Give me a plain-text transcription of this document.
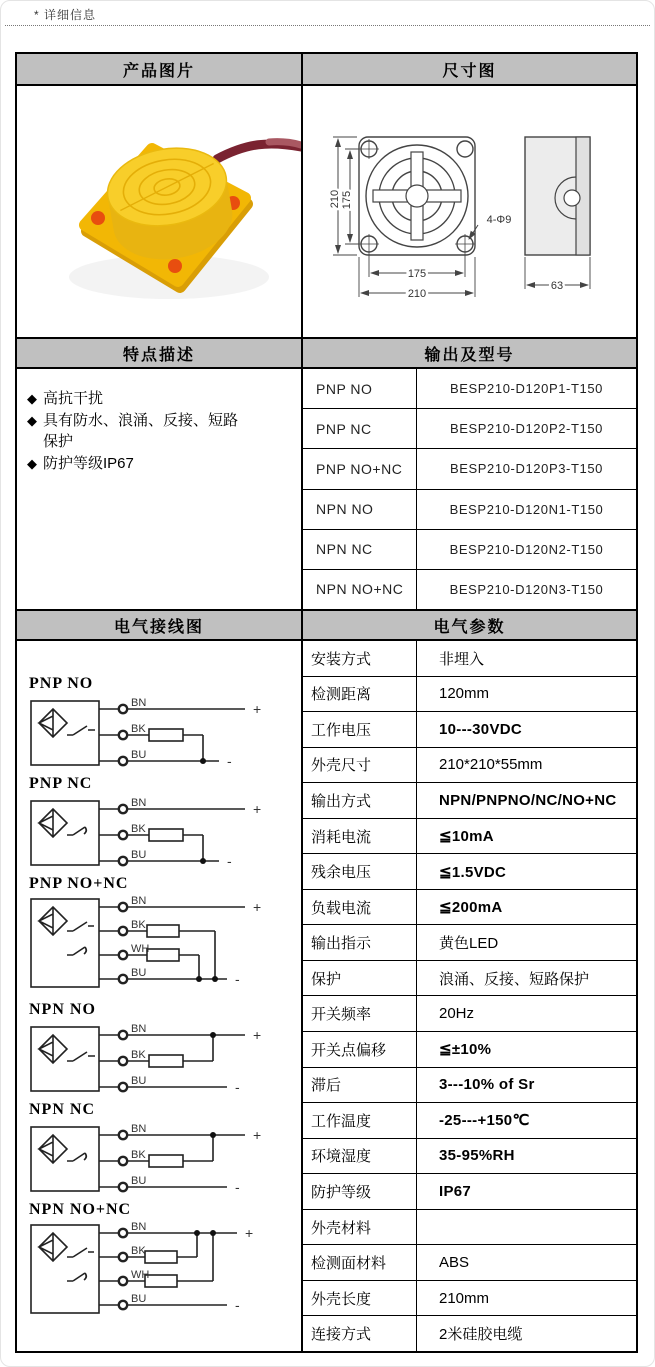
* 详细信息
产品图片	尺寸图
210 175
175
210
4-Φ9
63
特点描述	输出及型号
◆ 高抗干扰
◆ 具有防水、浪涌、反接、短路保护
◆ 防护等级IP67
PNP NO	BESP210-D120P1-T150
PNP NC	BESP210-D120P2-T150
PNP NO+NC	BESP210-D120P3-T150
NPN NO	BESP210-D120N1-T150
NPN NC	BESP210-D120N2-T150
NPN NO+NC	BESP210-D120N3-T150
电气接线图	电气参数
PNP NO
BN
BK
BU
+
-
PNP NC
BN
BK
BU
+
-
PNP NO+NC
BN
BK
WH
BU
+
-
NPN NO
BN
BK
BU
+
-
NPN NC
BN
BK
BU
+
-
NPN NO+NC
BN
BK
WH
BU
+
-
安装方式	非埋入
检测距离	120mm
工作电压	10---30VDC
外壳尺寸	210*210*55mm
输出方式	NPN/PNPNO/NC/NO+NC
消耗电流	≦10mA
残余电压	≦1.5VDC
负载电流	≦200mA
输出指示	黄色LED
保护	浪涌、反接、短路保护
开关频率	20Hz
开关点偏移	≦±10%
滞后	3---10% of Sr
工作温度	-25---+150℃
环境湿度	35-95%RH
防护等级	IP67
外壳材料
检测面材料	ABS
外壳长度	210mm
连接方式	2米硅胶电缆
